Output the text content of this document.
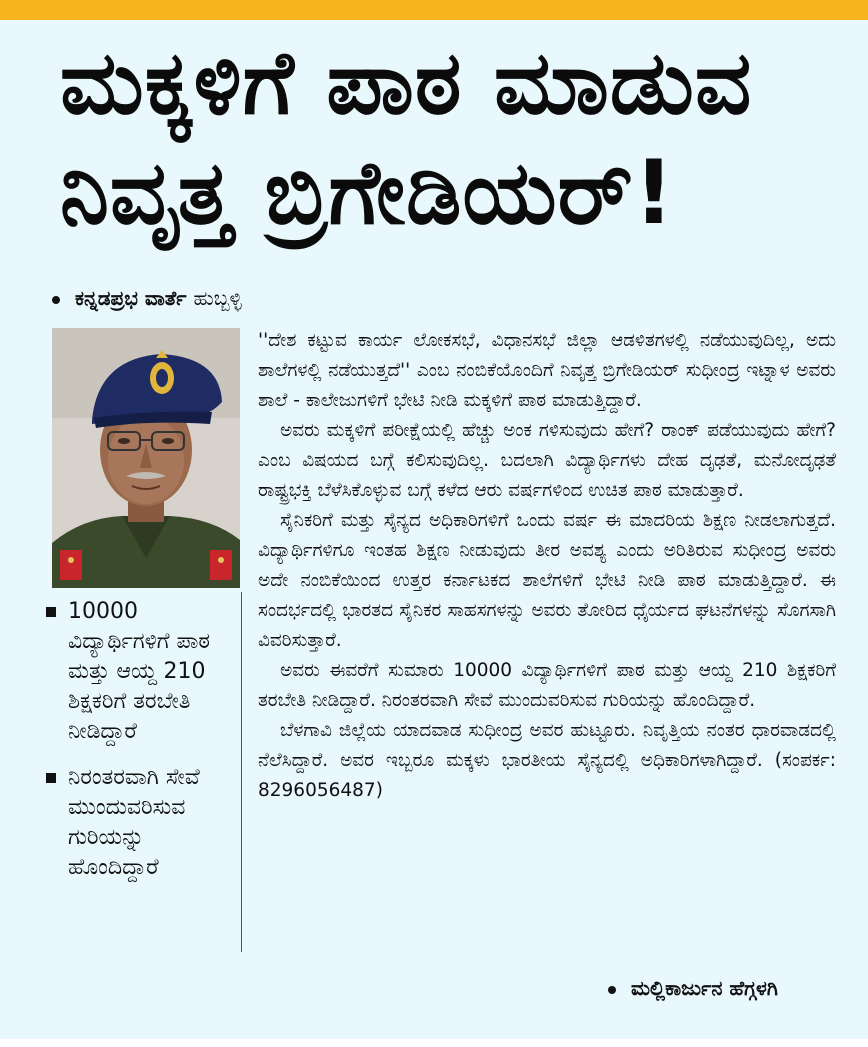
ಮಕ್ಕಳಿಗೆ ಪಾಠ ಮಾಡುವ
ನಿವೃತ್ತ ಬ್ರಿಗೇಡಿಯರ್!
ಕನ್ನಡಪ್ರಭ ವಾರ್ತೆ ಹುಬ್ಬಳ್ಳಿ
10000 ವಿದ್ಯಾರ್ಥಿಗಳಿಗೆ ಪಾಠ ಮತ್ತು ಆಯ್ದ 210 ಶಿಕ್ಷಕರಿಗೆ ತರಬೇತಿ ನೀಡಿದ್ದಾರೆ
ನಿರಂತರವಾಗಿ ಸೇವೆ ಮುಂದುವರಿಸುವ ಗುರಿಯನ್ನು ಹೊಂದಿದ್ದಾರೆ

''ದೇಶ ಕಟ್ಟುವ ಕಾರ್ಯ ಲೋಕಸಭೆ, ವಿಧಾನಸಭೆ ಜಿಲ್ಲಾ ಆಡಳಿತಗಳಲ್ಲಿ ನಡೆಯುವುದಿಲ್ಲ, ಅದು ಶಾಲೆಗಳಲ್ಲಿ ನಡೆಯುತ್ತದೆ'' ಎಂಬ ನಂಬಿಕೆಯೊಂದಿಗೆ ನಿವೃತ್ತ ಬ್ರಿಗೇಡಿಯರ್ ಸುಧೀಂದ್ರ ಇಟ್ನಾಳ ಅವರು ಶಾಲೆ - ಕಾಲೇಜುಗಳಿಗೆ ಭೇಟಿ ನೀಡಿ ಮಕ್ಕಳಿಗೆ ಪಾಠ ಮಾಡುತ್ತಿದ್ದಾರೆ.

ಅವರು ಮಕ್ಕಳಿಗೆ ಪರೀಕ್ಷೆಯಲ್ಲಿ ಹೆಚ್ಚು ಅಂಕ ಗಳಿಸುವುದು ಹೇಗೆ? ರಾಂಕ್ ಪಡೆಯುವುದು ಹೇಗೆ? ಎಂಬ ವಿಷಯದ ಬಗ್ಗೆ ಕಲಿಸುವುದಿಲ್ಲ. ಬದಲಾಗಿ ವಿದ್ಯಾರ್ಥಿಗಳು ದೇಹ ದೃಢತೆ, ಮನೋದೃಢತೆ ರಾಷ್ಟ್ರಭಕ್ತಿ ಬೆಳೆಸಿಕೊಳ್ಳುವ ಬಗ್ಗೆ ಕಳೆದ ಆರು ವರ್ಷಗಳಿಂದ ಉಚಿತ ಪಾಠ ಮಾಡುತ್ತಾರೆ.

ಸೈನಿಕರಿಗೆ ಮತ್ತು ಸೈನ್ಯದ ಅಧಿಕಾರಿಗಳಿಗೆ ಒಂದು ವರ್ಷ ಈ ಮಾದರಿಯ ಶಿಕ್ಷಣ ನೀಡಲಾಗುತ್ತದೆ. ವಿದ್ಯಾರ್ಥಿಗಳಿಗೂ ಇಂತಹ ಶಿಕ್ಷಣ ನೀಡುವುದು ತೀರ ಅವಶ್ಯ ಎಂದು ಅರಿತಿರುವ ಸುಧೀಂದ್ರ ಅವರು ಅದೇ ನಂಬಿಕೆಯಿಂದ ಉತ್ತರ ಕರ್ನಾಟಕದ ಶಾಲೆಗಳಿಗೆ ಭೇಟಿ ನೀಡಿ ಪಾಠ ಮಾಡುತ್ತಿದ್ದಾರೆ. ಈ ಸಂದರ್ಭದಲ್ಲಿ ಭಾರತದ ಸೈನಿಕರ ಸಾಹಸಗಳನ್ನು ಅವರು ತೋರಿದ ಧೈರ್ಯದ ಘಟನೆಗಳನ್ನು ಸೊಗಸಾಗಿ ವಿವರಿಸುತ್ತಾರೆ.

ಅವರು ಈವರೆಗೆ ಸುಮಾರು 10000 ವಿದ್ಯಾರ್ಥಿಗಳಿಗೆ ಪಾಠ ಮತ್ತು ಆಯ್ದ 210 ಶಿಕ್ಷಕರಿಗೆ ತರಬೇತಿ ನೀಡಿದ್ದಾರೆ. ನಿರಂತರವಾಗಿ ಸೇವೆ ಮುಂದುವರಿಸುವ ಗುರಿಯನ್ನು ಹೊಂದಿದ್ದಾರೆ.

ಬೆಳಗಾವಿ ಜಿಲ್ಲೆಯ ಯಾದವಾಡ ಸುಧೀಂದ್ರ ಅವರ ಹುಟ್ಟೂರು. ನಿವೃತ್ತಿಯ ನಂತರ ಧಾರವಾಡದಲ್ಲಿ ನೆಲೆಸಿದ್ದಾರೆ. ಅವರ ಇಬ್ಬರೂ ಮಕ್ಕಳು ಭಾರತೀಯ ಸೈನ್ಯದಲ್ಲಿ ಅಧಿಕಾರಿಗಳಾಗಿದ್ದಾರೆ. (ಸಂಪರ್ಕ: 8296056487)

ಮಲ್ಲಿಕಾರ್ಜುನ ಹೆಗ್ಗಳಗಿ
